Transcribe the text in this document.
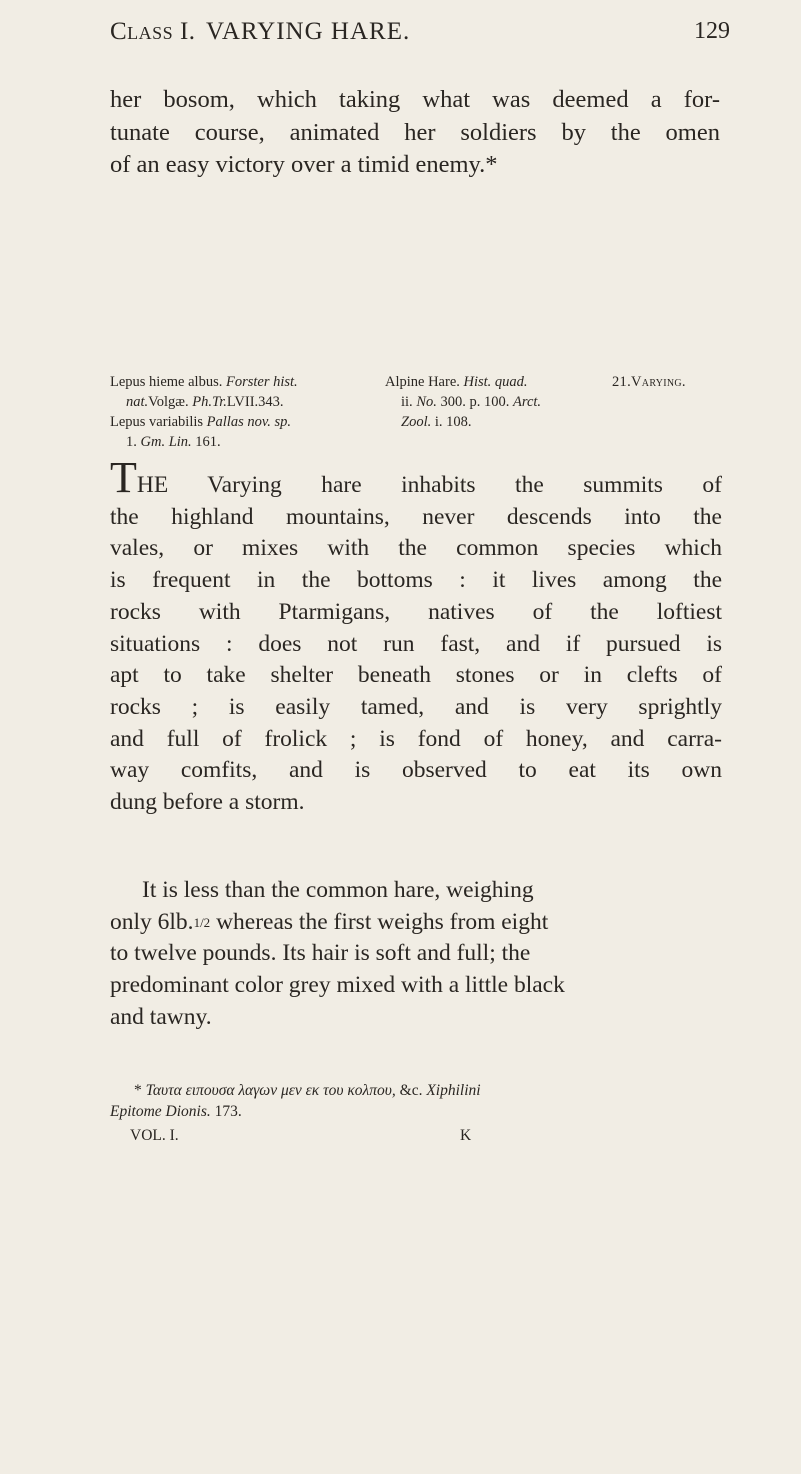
Class I. VARYING HARE.	129
her bosom, which taking what was deemed a for-
tunate course, animated her soldiers by the omen
of an easy victory over a timid enemy.*
Lepus hieme albus. Forster hist.
nat.Volgæ. Ph.Tr.LVII.343.
Lepus variabilis Pallas nov. sp.
1. Gm. Lin. 161.
Alpine Hare. Hist. quad.
ii. No. 300. p. 100. Arct.
Zool. i. 108.
21.Varying.
THE Varying hare inhabits the summits of
the highland mountains, never descends into the
vales, or mixes with the common species which
is frequent in the bottoms : it lives among the
rocks with Ptarmigans, natives of the loftiest
situations : does not run fast, and if pursued is
apt to take shelter beneath stones or in clefts of
rocks ; is easily tamed, and is very sprightly
and full of frolick ; is fond of honey, and carra-
way comfits, and is observed to eat its own
dung before a storm.
It is less than the common hare, weighing
only 6lb.1/2 whereas the first weighs from eight
to twelve pounds. Its hair is soft and full; the
predominant color grey mixed with a little black
and tawny.
* Ταυτα ειπουσα λαγων μεν εκ του κολπου, &c. Xiphilini
Epitome Dionis. 173.
VOL. I.	K
